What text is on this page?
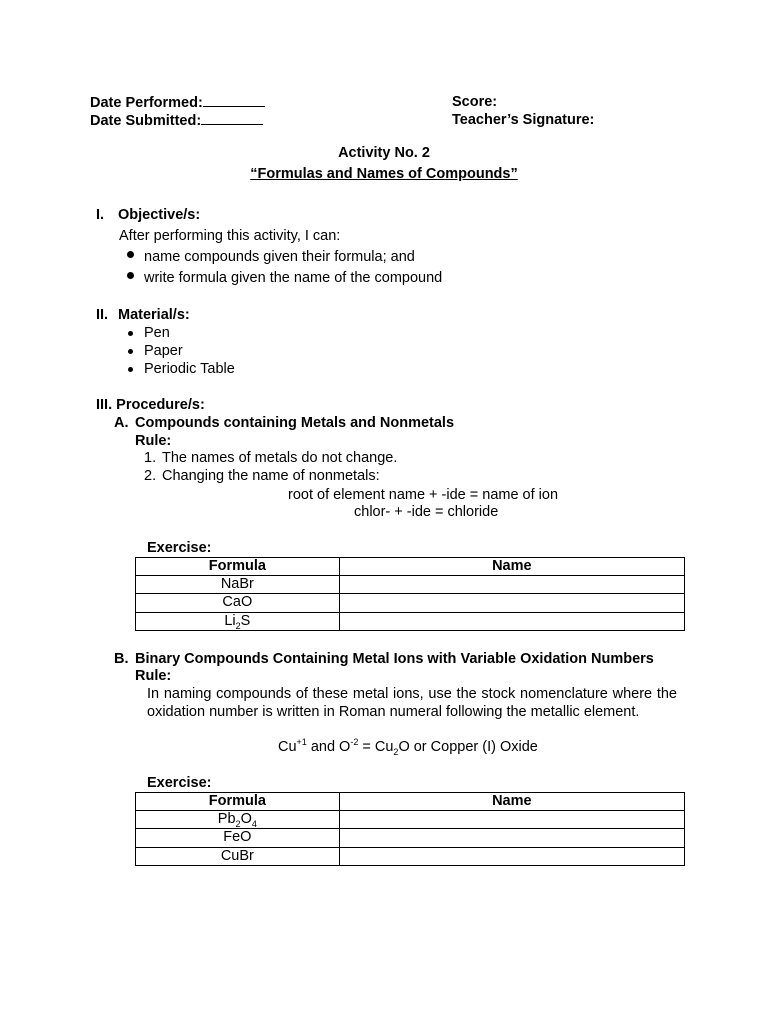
Date Performed:
Date Submitted:
Score:
Teacher’s Signature:
Activity No. 2
“Formulas and Names of Compounds”
I. Objective/s:
After performing this activity, I can:
name compounds given their formula; and
write formula given the name of the compound
II. Material/s:
Pen
Paper
Periodic Table
III. Procedure/s:
A. Compounds containing Metals and Nonmetals
Rule:
1. The names of metals do not change.
2. Changing the name of nonmetals:
root of element name + -ide = name of ion
chlor- + -ide = chloride
Exercise:
Formula	Name
NaBr	
CaO	
$Li_2S$	
B. Binary Compounds Containing Metal Ions with Variable Oxidation Numbers
Rule:
In naming compounds of these metal ions, use the stock nomenclature where the oxidation number is written in Roman numeral following the metallic element.
$Cu^{+1}$ and $O^{-2} = Cu_2O$ or Copper (I) Oxide
Exercise:
Formula	Name
$Pb_2O_4$	
FeO	
CuBr	
